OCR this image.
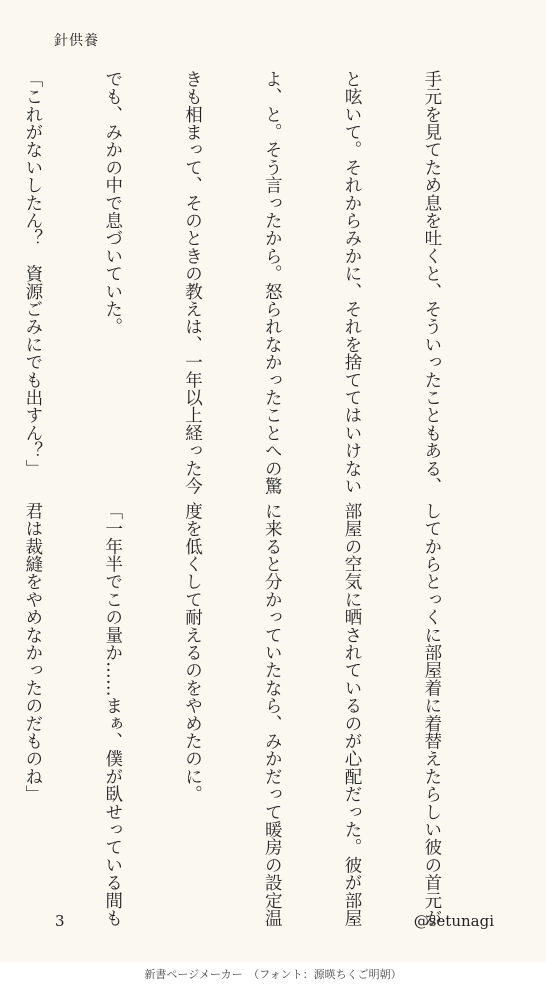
針供養

手元を見てため息を吐くと、そういったこともある、

と呟いて。それからみかに、それを捨ててはいけない

よ、と。そう言ったから。怒られなかったことへの驚

きも相まって、そのときの教えは、一年以上経った今

でも、みかの中で息づいていた。

「これがないしたん？　資源ごみにでも出すん？」

してからとっくに部屋着に着替えたらしい彼の首元が

部屋の空気に晒されているのが心配だった。彼が部屋

に来ると分かっていたなら、みかだって暖房の設定温

度を低くして耐えるのをやめたのに。

「一年半でこの量か……まぁ、僕が臥せっている間も

君は裁縫をやめなかったのだものね」

3	@setunagi
新書ページメーカー　（フォント：源暎ちくご明朝）
